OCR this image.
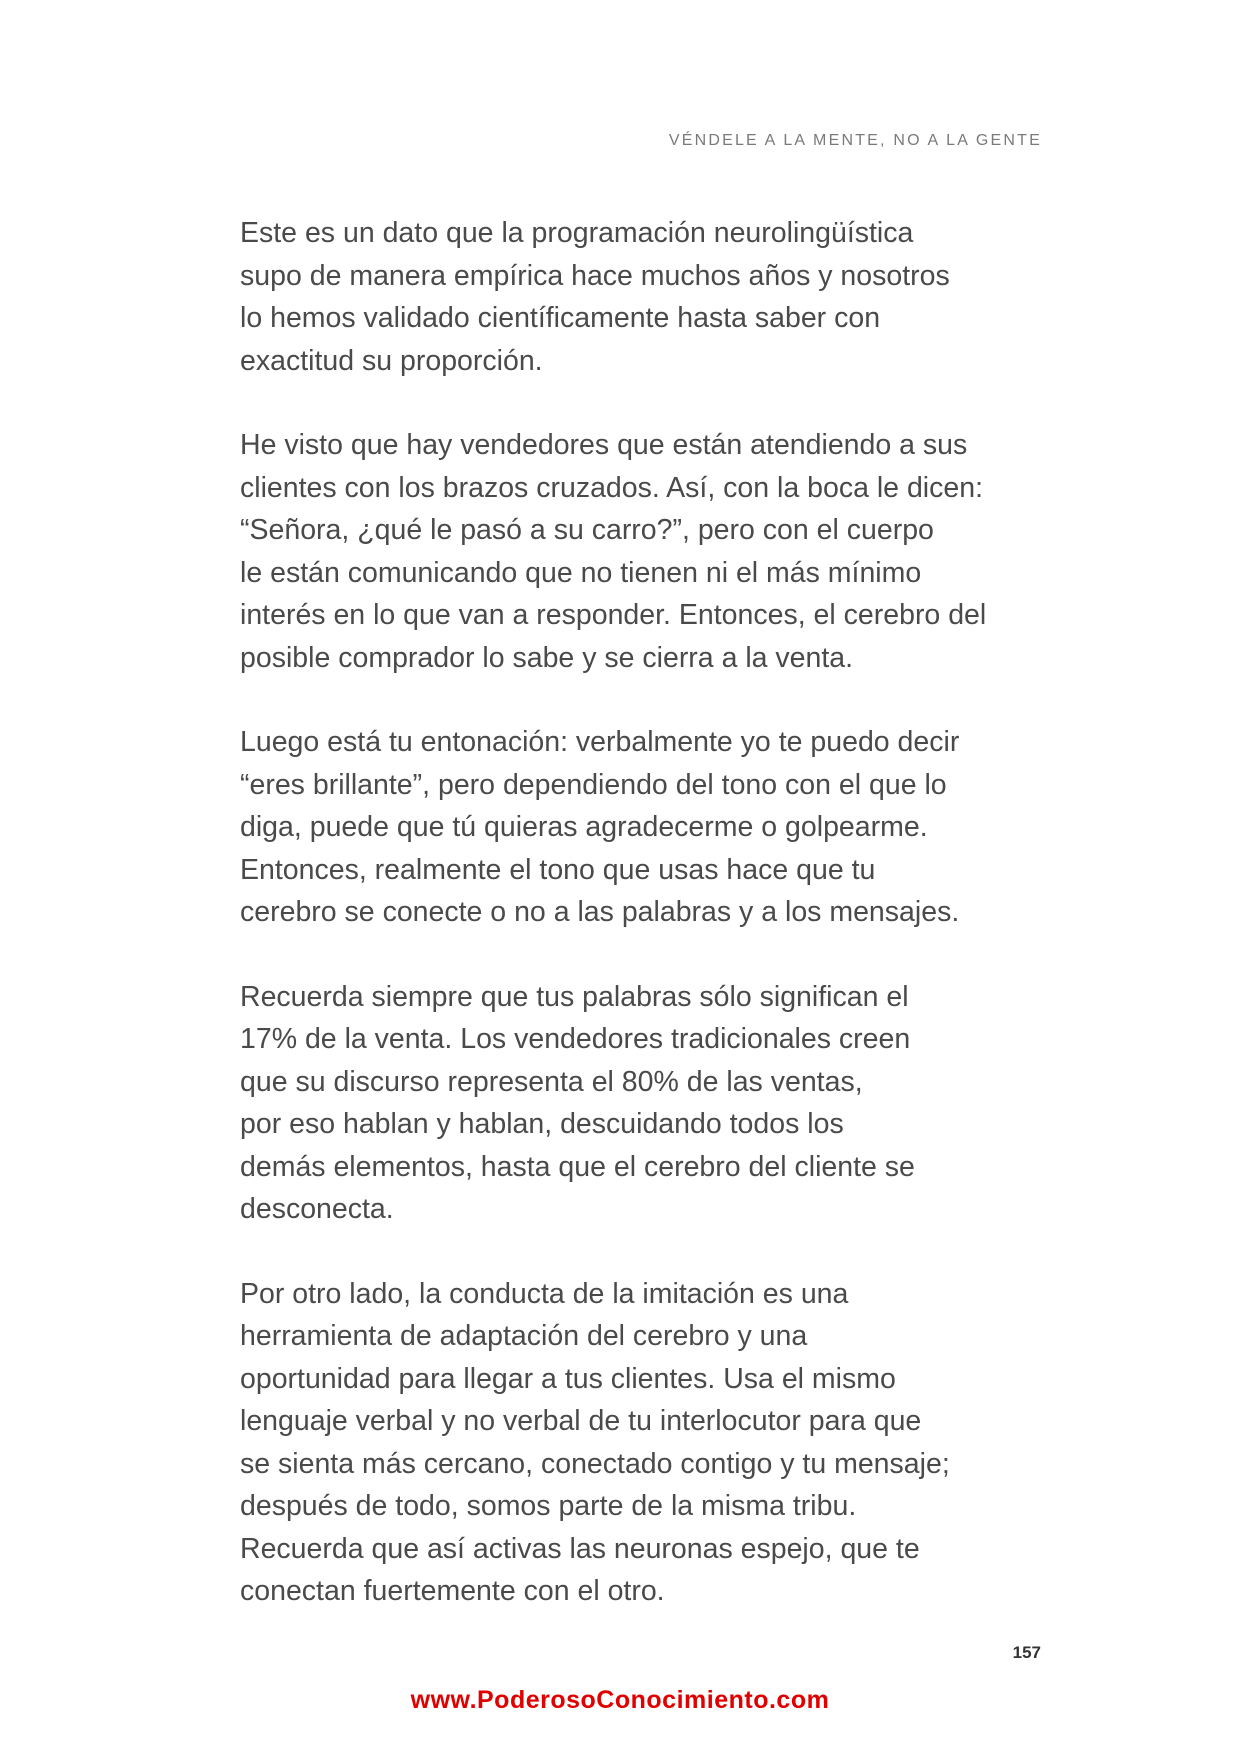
VÉNDELE A LA MENTE, NO A LA GENTE

Este es un dato que la programación neurolingüística
supo de manera empírica hace muchos años y nosotros
lo hemos validado científicamente hasta saber con
exactitud su proporción.

He visto que hay vendedores que están atendiendo a sus
clientes con los brazos cruzados. Así, con la boca le dicen:
“Señora, ¿qué le pasó a su carro?”, pero con el cuerpo
le están comunicando que no tienen ni el más mínimo
interés en lo que van a responder. Entonces, el cerebro del
posible comprador lo sabe y se cierra a la venta.

Luego está tu entonación: verbalmente yo te puedo decir
“eres brillante”, pero dependiendo del tono con el que lo
diga, puede que tú quieras agradecerme o golpearme.
Entonces, realmente el tono que usas hace que tu
cerebro se conecte o no a las palabras y a los mensajes.

Recuerda siempre que tus palabras sólo significan el
17% de la venta. Los vendedores tradicionales creen
que su discurso representa el 80% de las ventas,
por eso hablan y hablan, descuidando todos los
demás elementos, hasta que el cerebro del cliente se
desconecta.

Por otro lado, la conducta de la imitación es una
herramienta de adaptación del cerebro y una
oportunidad para llegar a tus clientes. Usa el mismo
lenguaje verbal y no verbal de tu interlocutor para que
se sienta más cercano, conectado contigo y tu mensaje;
después de todo, somos parte de la misma tribu.
Recuerda que así activas las neuronas espejo, que te
conectan fuertemente con el otro.

157
www.PoderosoConocimiento.com
